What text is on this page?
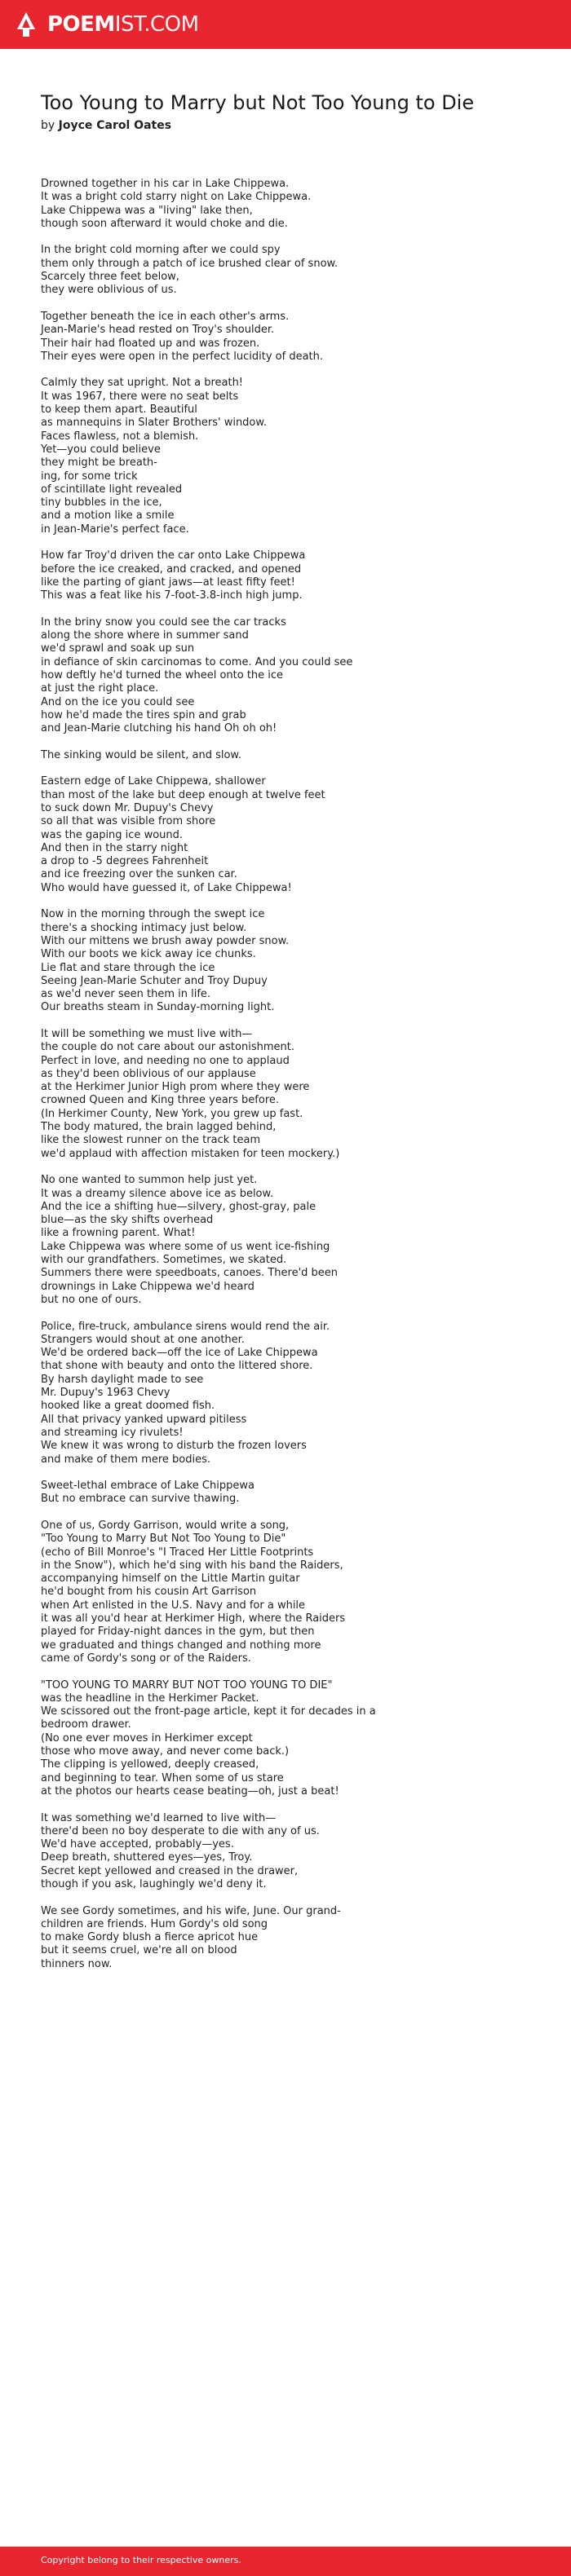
POEMIST.COM
Too Young to Marry but Not Too Young to Die
by Joyce Carol Oates

Drowned together in his car in Lake Chippewa.
It was a bright cold starry night on Lake Chippewa.
Lake Chippewa was a "living" lake then,
though soon afterward it would choke and die.

In the bright cold morning after we could spy
them only through a patch of ice brushed clear of snow.
Scarcely three feet below,
they were oblivious of us.

Together beneath the ice in each other's arms.
Jean-Marie's head rested on Troy's shoulder.
Their hair had floated up and was frozen.
Their eyes were open in the perfect lucidity of death.

Calmly they sat upright. Not a breath!
It was 1967, there were no seat belts
to keep them apart. Beautiful
as mannequins in Slater Brothers' window.
Faces flawless, not a blemish.
Yet—you could believe
they might be breath-
ing, for some trick
of scintillate light revealed
tiny bubbles in the ice,
and a motion like a smile
in Jean-Marie's perfect face.

How far Troy'd driven the car onto Lake Chippewa
before the ice creaked, and cracked, and opened
like the parting of giant jaws—at least fifty feet!
This was a feat like his 7-foot-3.8-inch high jump.

In the briny snow you could see the car tracks
along the shore where in summer sand
we'd sprawl and soak up sun
in defiance of skin carcinomas to come. And you could see
how deftly he'd turned the wheel onto the ice
at just the right place.
And on the ice you could see
how he'd made the tires spin and grab
and Jean-Marie clutching his hand Oh oh oh!

The sinking would be silent, and slow.

Eastern edge of Lake Chippewa, shallower
than most of the lake but deep enough at twelve feet
to suck down Mr. Dupuy's Chevy
so all that was visible from shore
was the gaping ice wound.
And then in the starry night
a drop to -5 degrees Fahrenheit
and ice freezing over the sunken car.
Who would have guessed it, of Lake Chippewa!

Now in the morning through the swept ice
there's a shocking intimacy just below.
With our mittens we brush away powder snow.
With our boots we kick away ice chunks.
Lie flat and stare through the ice
Seeing Jean-Marie Schuter and Troy Dupuy
as we'd never seen them in life.
Our breaths steam in Sunday-morning light.

It will be something we must live with—
the couple do not care about our astonishment.
Perfect in love, and needing no one to applaud
as they'd been oblivious of our applause
at the Herkimer Junior High prom where they were
crowned Queen and King three years before.
(In Herkimer County, New York, you grew up fast.
The body matured, the brain lagged behind,
like the slowest runner on the track team
we'd applaud with affection mistaken for teen mockery.)

No one wanted to summon help just yet.
It was a dreamy silence above ice as below.
And the ice a shifting hue—silvery, ghost-gray, pale
blue—as the sky shifts overhead
like a frowning parent. What!
Lake Chippewa was where some of us went ice-fishing
with our grandfathers. Sometimes, we skated.
Summers there were speedboats, canoes. There'd been
drownings in Lake Chippewa we'd heard
but no one of ours.

Police, fire-truck, ambulance sirens would rend the air.
Strangers would shout at one another.
We'd be ordered back—off the ice of Lake Chippewa
that shone with beauty and onto the littered shore.
By harsh daylight made to see
Mr. Dupuy's 1963 Chevy
hooked like a great doomed fish.
All that privacy yanked upward pitiless
and streaming icy rivulets!
We knew it was wrong to disturb the frozen lovers
and make of them mere bodies.

Sweet-lethal embrace of Lake Chippewa
But no embrace can survive thawing.

One of us, Gordy Garrison, would write a song,
"Too Young to Marry But Not Too Young to Die"
(echo of Bill Monroe's "I Traced Her Little Footprints
in the Snow"), which he'd sing with his band the Raiders,
accompanying himself on the Little Martin guitar
he'd bought from his cousin Art Garrison
when Art enlisted in the U.S. Navy and for a while
it was all you'd hear at Herkimer High, where the Raiders
played for Friday-night dances in the gym, but then
we graduated and things changed and nothing more
came of Gordy's song or of the Raiders.

"TOO YOUNG TO MARRY BUT NOT TOO YOUNG TO DIE"
was the headline in the Herkimer Packet.
We scissored out the front-page article, kept it for decades in a
bedroom drawer.
(No one ever moves in Herkimer except
those who move away, and never come back.)
The clipping is yellowed, deeply creased,
and beginning to tear. When some of us stare
at the photos our hearts cease beating—oh, just a beat!

It was something we'd learned to live with—
there'd been no boy desperate to die with any of us.
We'd have accepted, probably—yes.
Deep breath, shuttered eyes—yes, Troy.
Secret kept yellowed and creased in the drawer,
though if you ask, laughingly we'd deny it.

We see Gordy sometimes, and his wife, June. Our grand-
children are friends. Hum Gordy's old song
to make Gordy blush a fierce apricot hue
but it seems cruel, we're all on blood
thinners now.

Copyright belong to their respective owners.
